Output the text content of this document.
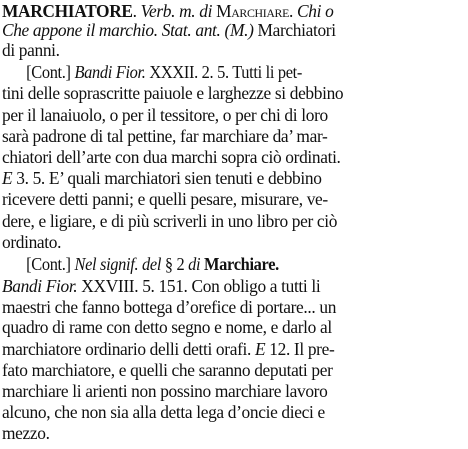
MARCHIATORE. Verb. m. di Marchiare. Chi o
Che appone il marchio. Stat. ant. (M.) Marchiatori
di panni.
[Cont.] Bandi Fior. XXXII. 2. 5. Tutti li pet-
tini delle soprascritte paiuole e larghezze si debbino
per il lanaiuolo, o per il tessitore, o per chi di loro
sarà padrone di tal pettine, far marchiare da’ mar-
chiatori dell’arte con dua marchi sopra ciò ordinati.
E 3. 5. E’ quali marchiatori sien tenuti e debbino
ricevere detti panni; e quelli pesare, misurare, ve-
dere, e ligiare, e di più scriverli in uno libro per ciò
ordinato.
[Cont.] Nel signif. del § 2 di Marchiare.
Bandi Fior. XXVIII. 5. 151. Con obligo a tutti li
maestri che fanno bottega d’orefice di portare... un
quadro di rame con detto segno e nome, e darlo al
marchiatore ordinario delli detti orafi. E 12. Il pre-
fato marchiatore, e quelli che saranno deputati per
marchiare li arienti non possino marchiare lavoro
alcuno, che non sia alla detta lega d’oncie dieci e
mezzo.
